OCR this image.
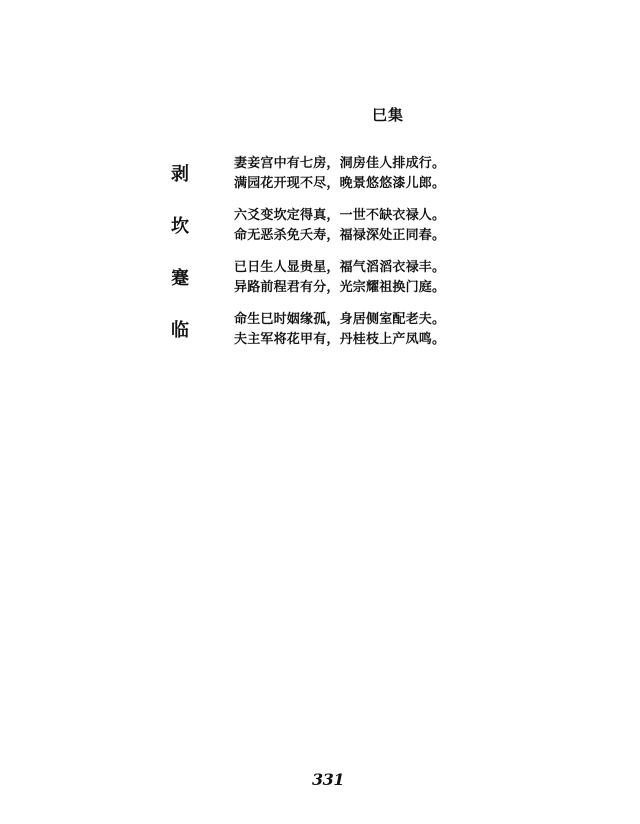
巳集
剥
妻妾宫中有七房，洞房佳人排成行。
满园花开现不尽，晚景悠悠漆儿郎。
坎
六爻变坎定得真，一世不缺衣禄人。
命无恶杀免夭寿，福禄深处正同春。
蹇
已日生人显贵星，福气滔滔衣禄丰。
异路前程君有分，光宗耀祖换门庭。
临
命生巳时姻缘孤，身居侧室配老夫。
夫主军将花甲有，丹桂枝上产凤鸣。
331
